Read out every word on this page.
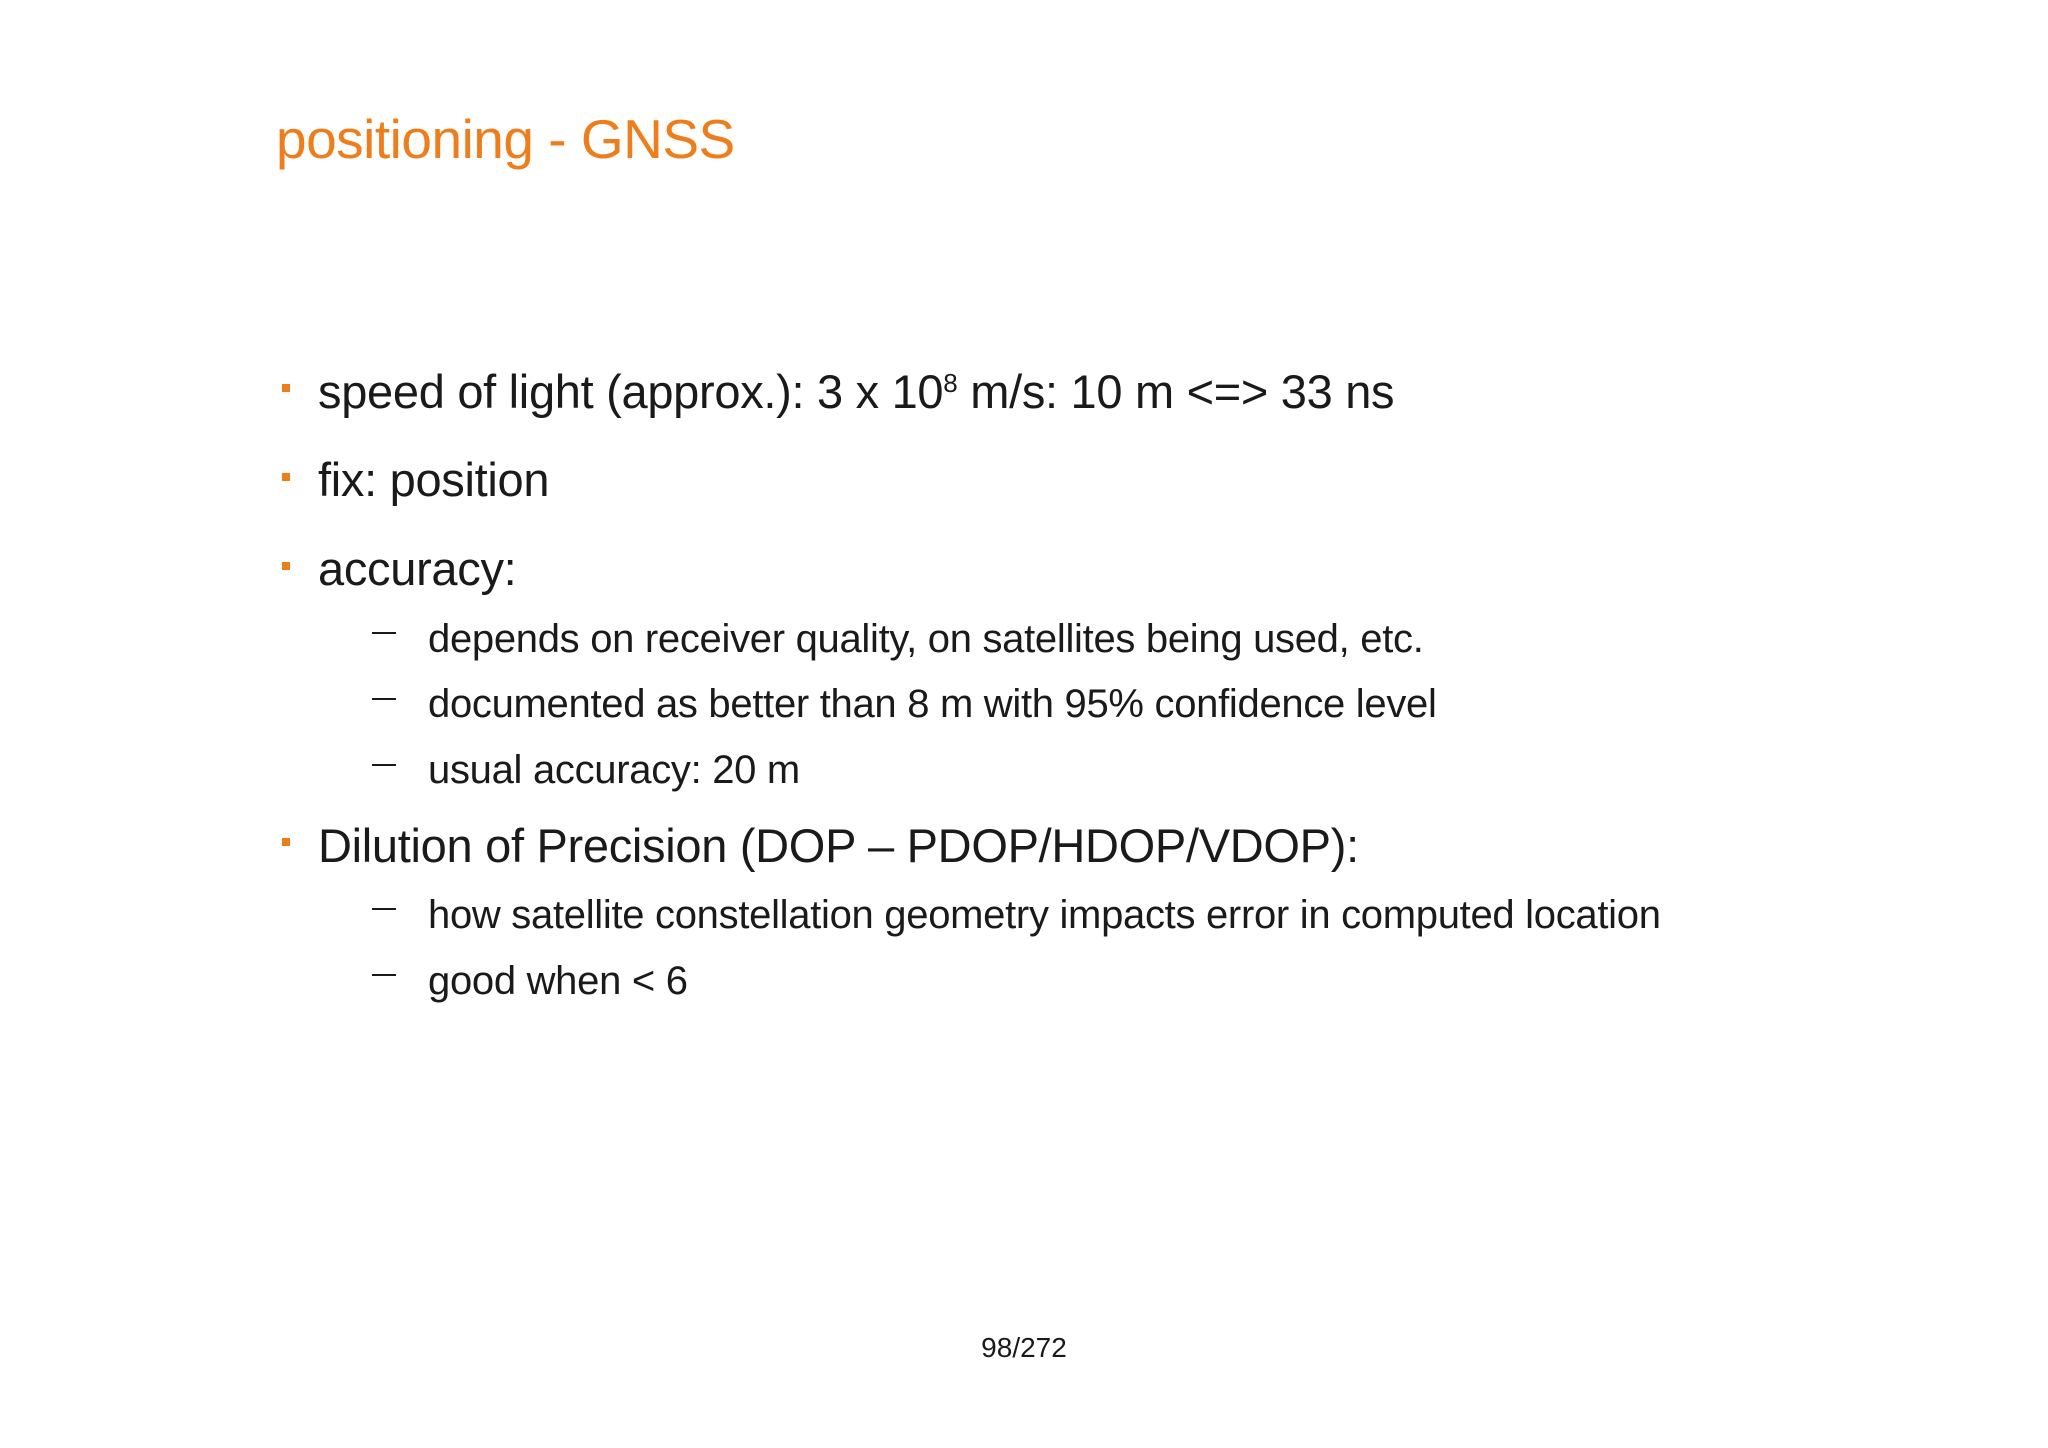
positioning - GNSS
speed of light (approx.): 3 x $10^8$ m/s: 10 m <=> 33 ns
fix: position
accuracy:
depends on receiver quality, on satellites being used, etc.
documented as better than 8 m with 95% confidence level
usual accuracy: 20 m
Dilution of Precision (DOP – PDOP/HDOP/VDOP):
how satellite constellation geometry impacts error in computed location
good when < 6
98/272
